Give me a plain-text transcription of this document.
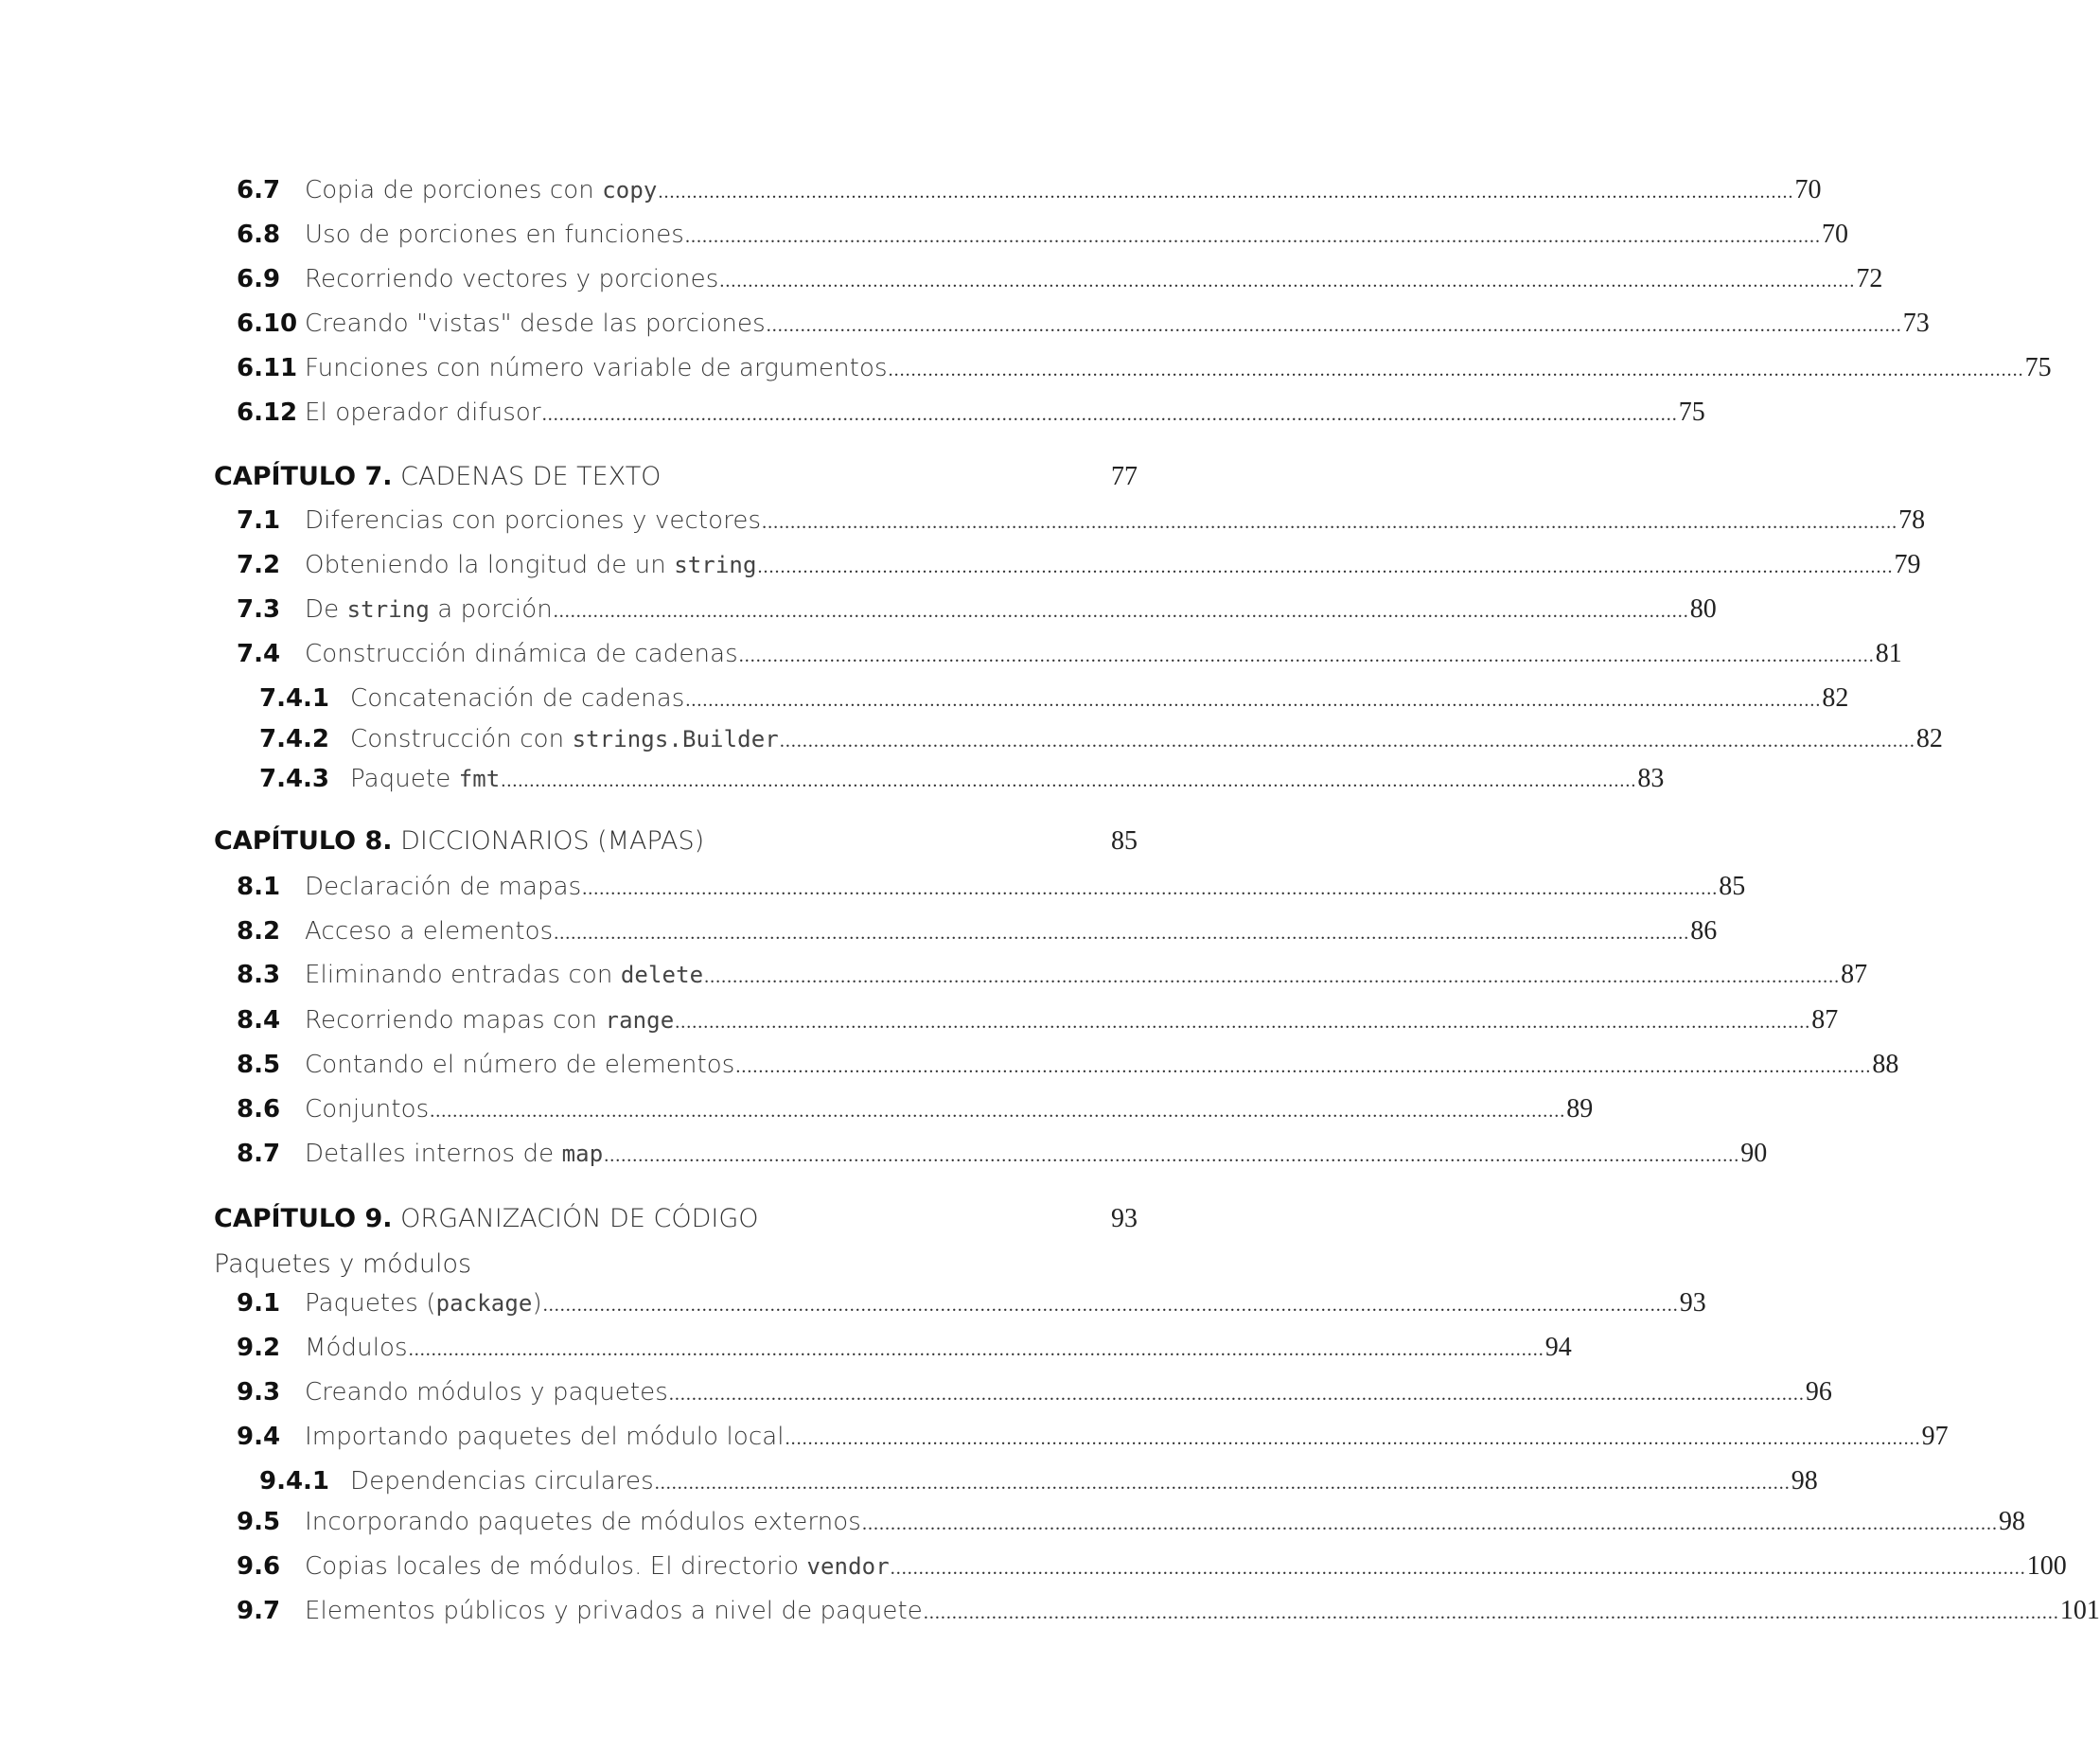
6.7 Copia de porciones con copy ........................................................................................................................................................................................................ 70
6.8 Uso de porciones en funciones ........................................................................................................................................................................................................ 70
6.9 Recorriendo vectores y porciones ........................................................................................................................................................................................................ 72
6.10 Creando "vistas" desde las porciones ........................................................................................................................................................................................................ 73
6.11 Funciones con número variable de argumentos ........................................................................................................................................................................................................ 75
6.12 El operador difusor ........................................................................................................................................................................................................ 75
CAPÍTULO 7. CADENAS DE TEXTO	77
7.1 Diferencias con porciones y vectores ........................................................................................................................................................................................................ 78
7.2 Obteniendo la longitud de un string ........................................................................................................................................................................................................ 79
7.3 De string a porción ........................................................................................................................................................................................................ 80
7.4 Construcción dinámica de cadenas ........................................................................................................................................................................................................ 81
7.4.1 Concatenación de cadenas ........................................................................................................................................................................................................ 82
7.4.2 Construcción con strings.Builder ........................................................................................................................................................................................................ 82
7.4.3 Paquete fmt ........................................................................................................................................................................................................ 83
CAPÍTULO 8. DICCIONARIOS (MAPAS)	85
8.1 Declaración de mapas ........................................................................................................................................................................................................ 85
8.2 Acceso a elementos ........................................................................................................................................................................................................ 86
8.3 Eliminando entradas con delete ........................................................................................................................................................................................................ 87
8.4 Recorriendo mapas con range ........................................................................................................................................................................................................ 87
8.5 Contando el número de elementos ........................................................................................................................................................................................................ 88
8.6 Conjuntos ........................................................................................................................................................................................................ 89
8.7 Detalles internos de map ........................................................................................................................................................................................................ 90
CAPÍTULO 9. ORGANIZACIÓN DE CÓDIGO	93
Paquetes y módulos
9.1 Paquetes (package) ........................................................................................................................................................................................................ 93
9.2 Módulos ........................................................................................................................................................................................................ 94
9.3 Creando módulos y paquetes ........................................................................................................................................................................................................ 96
9.4 Importando paquetes del módulo local ........................................................................................................................................................................................................ 97
9.4.1 Dependencias circulares ........................................................................................................................................................................................................ 98
9.5 Incorporando paquetes de módulos externos ........................................................................................................................................................................................................ 98
9.6 Copias locales de módulos. El directorio vendor ........................................................................................................................................................................................................ 100
9.7 Elementos públicos y privados a nivel de paquete ........................................................................................................................................................................................................ 101
